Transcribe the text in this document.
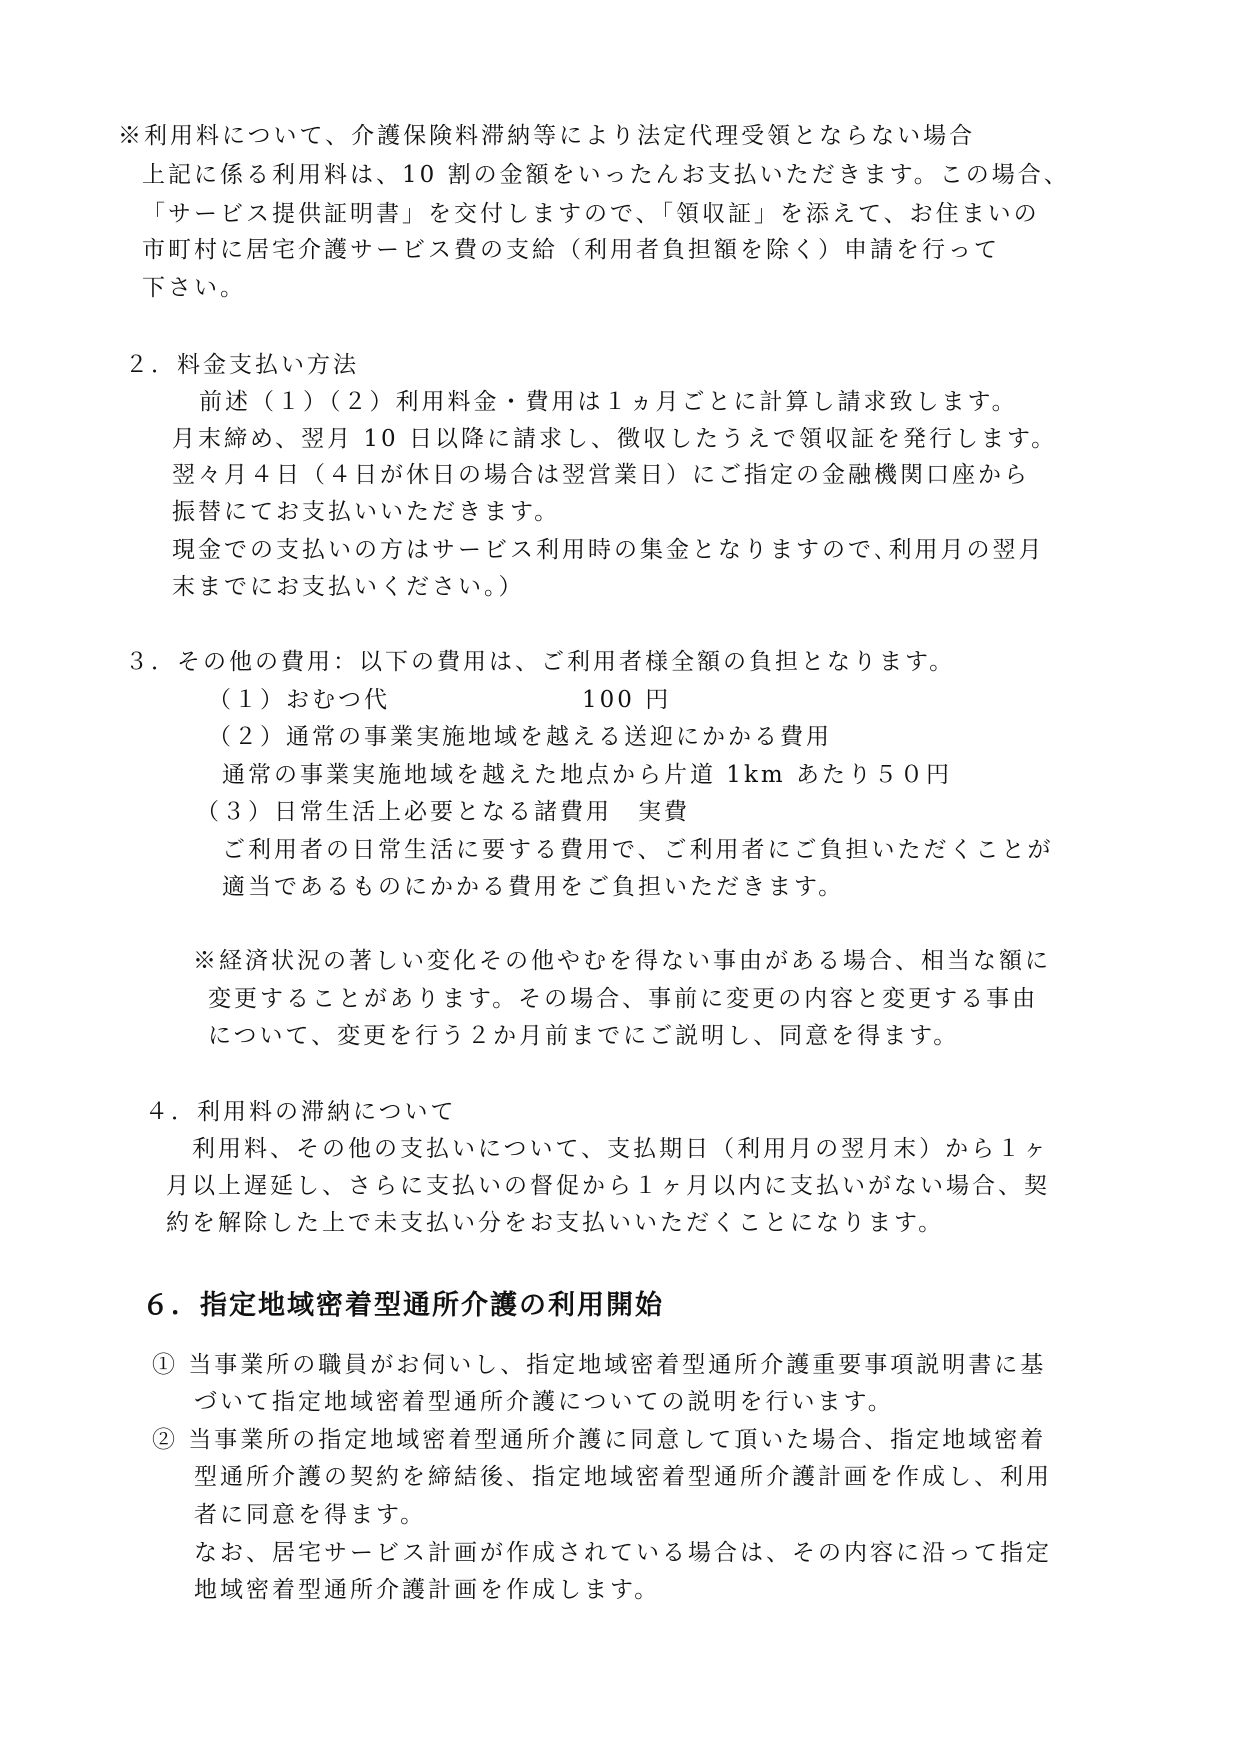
※利用料について、介護保険料滞納等により法定代理受領とならない場合
上記に係る利用料は、10 割の金額をいったんお支払いただきます。この場合、
「サービス提供証明書」を交付しますので、「領収証」を添えて、お住まいの
市町村に居宅介護サービス費の支給（利用者負担額を除く）申請を行って
下さい。
２．料金支払い方法
前述（１）（２）利用料金・費用は１ヵ月ごとに計算し請求致します。
月末締め、翌月 10 日以降に請求し、徴収したうえで領収証を発行します。
翌々月４日（４日が休日の場合は翌営業日）にご指定の金融機関口座から
振替にてお支払いいただきます。
現金での支払いの方はサービス利用時の集金となりますので､利用月の翌月
末までにお支払いください。）
３．その他の費用：以下の費用は、ご利用者様全額の負担となります。
（１）おむつ代	100 円
（２）通常の事業実施地域を越える送迎にかかる費用
通常の事業実施地域を越えた地点から片道 1km あたり５０円
（３）日常生活上必要となる諸費用　実費
ご利用者の日常生活に要する費用で、ご利用者にご負担いただくことが
適当であるものにかかる費用をご負担いただきます。
※経済状況の著しい変化その他やむを得ない事由がある場合、相当な額に
変更することがあります。その場合、事前に変更の内容と変更する事由
について、変更を行う２か月前までにご説明し、同意を得ます。
４．利用料の滞納について
利用料、その他の支払いについて、支払期日（利用月の翌月末）から１ヶ
月以上遅延し、さらに支払いの督促から１ヶ月以内に支払いがない場合、契
約を解除した上で未支払い分をお支払いいただくことになります。
６．指定地域密着型通所介護の利用開始
① 当事業所の職員がお伺いし、指定地域密着型通所介護重要事項説明書に基
づいて指定地域密着型通所介護についての説明を行います。
② 当事業所の指定地域密着型通所介護に同意して頂いた場合、指定地域密着
型通所介護の契約を締結後、指定地域密着型通所介護計画を作成し、利用
者に同意を得ます。
なお、居宅サービス計画が作成されている場合は、その内容に沿って指定
地域密着型通所介護計画を作成します。
